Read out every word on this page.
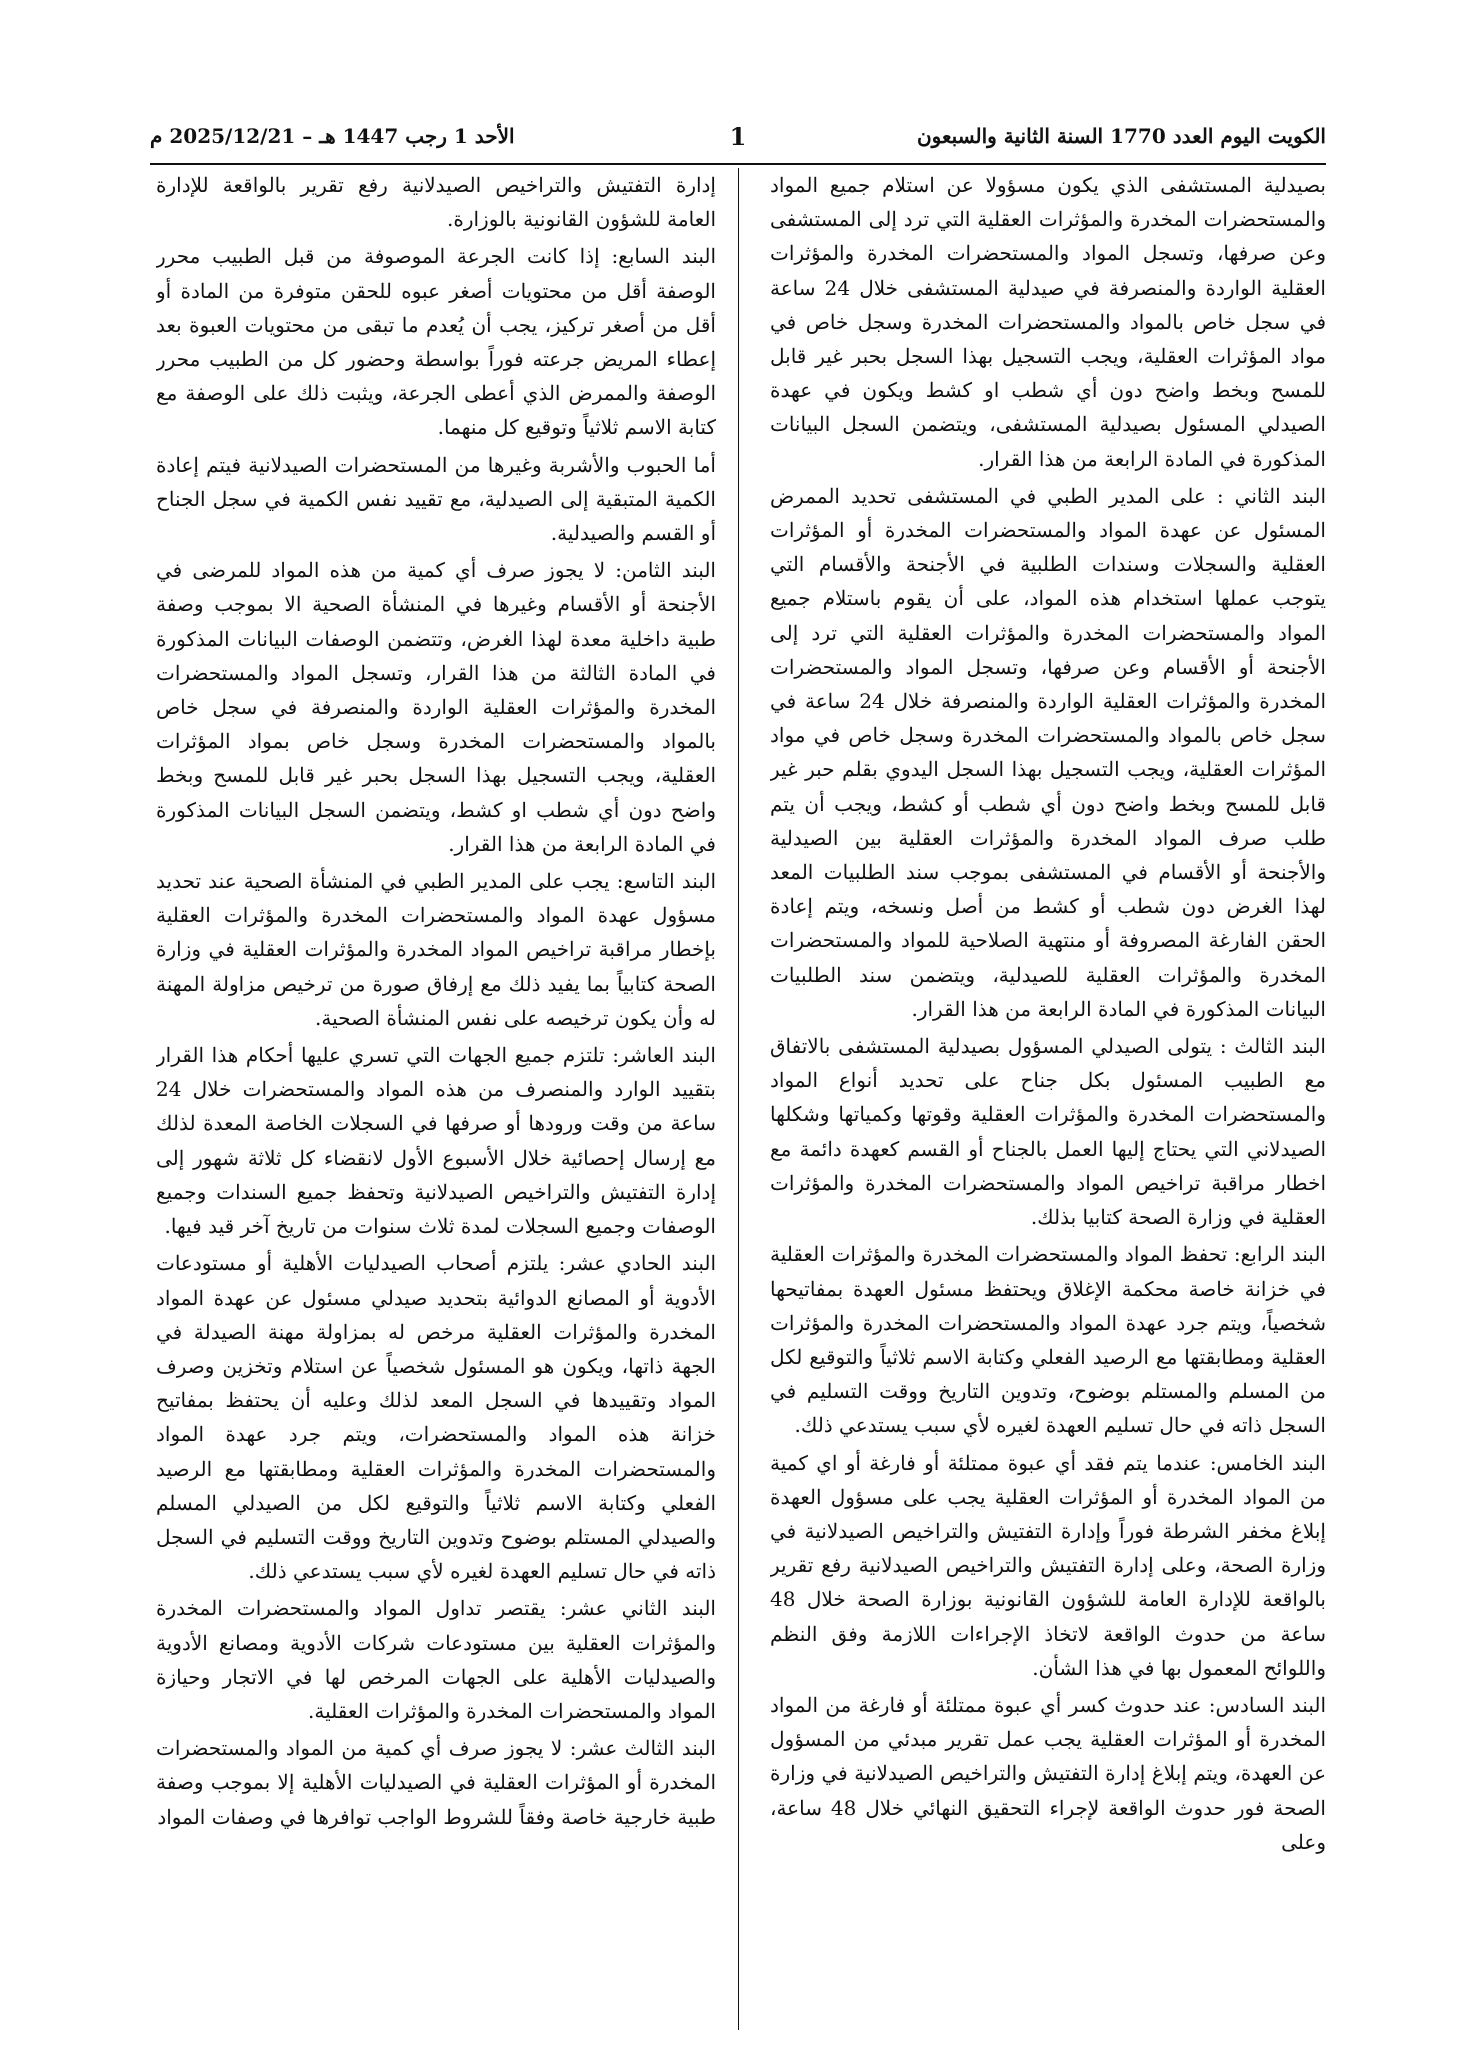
الكويت اليوم العدد 1770 السنة الثانية والسبعون
1
الأحد 1 رجب 1447 هـ – 2025/12/21 م

بصيدلية المستشفى الذي يكون مسؤولا عن استلام جميع المواد والمستحضرات المخدرة والمؤثرات العقلية التي ترد إلى المستشفى وعن صرفها، وتسجل المواد والمستحضرات المخدرة والمؤثرات العقلية الواردة والمنصرفة في صيدلية المستشفى خلال 24 ساعة في سجل خاص بالمواد والمستحضرات المخدرة وسجل خاص في مواد المؤثرات العقلية، ويجب التسجيل بهذا السجل بحبر غير قابل للمسح وبخط واضح دون أي شطب او كشط ويكون في عهدة الصيدلي المسئول بصيدلية المستشفى، ويتضمن السجل البيانات المذكورة في المادة الرابعة من هذا القرار.

البند الثاني : على المدير الطبي في المستشفى تحديد الممرض المسئول عن عهدة المواد والمستحضرات المخدرة أو المؤثرات العقلية والسجلات وسندات الطلبية في الأجنحة والأقسام التي يتوجب عملها استخدام هذه المواد، على أن يقوم باستلام جميع المواد والمستحضرات المخدرة والمؤثرات العقلية التي ترد إلى الأجنحة أو الأقسام وعن صرفها، وتسجل المواد والمستحضرات المخدرة والمؤثرات العقلية الواردة والمنصرفة خلال 24 ساعة في سجل خاص بالمواد والمستحضرات المخدرة وسجل خاص في مواد المؤثرات العقلية، ويجب التسجيل بهذا السجل اليدوي بقلم حبر غير قابل للمسح وبخط واضح دون أي شطب أو كشط، ويجب أن يتم طلب صرف المواد المخدرة والمؤثرات العقلية بين الصيدلية والأجنحة أو الأقسام في المستشفى بموجب سند الطلبيات المعد لهذا الغرض دون شطب أو كشط من أصل ونسخه، ويتم إعادة الحقن الفارغة المصروفة أو منتهية الصلاحية للمواد والمستحضرات المخدرة والمؤثرات العقلية للصيدلية، ويتضمن سند الطلبيات البيانات المذكورة في المادة الرابعة من هذا القرار.

البند الثالث : يتولى الصيدلي المسؤول بصيدلية المستشفى بالاتفاق مع الطبيب المسئول بكل جناح على تحديد أنواع المواد والمستحضرات المخدرة والمؤثرات العقلية وقوتها وكمياتها وشكلها الصيدلاني التي يحتاج إليها العمل بالجناح أو القسم كعهدة دائمة مع اخطار مراقبة تراخيص المواد والمستحضرات المخدرة والمؤثرات العقلية في وزارة الصحة كتابيا بذلك.

البند الرابع: تحفظ المواد والمستحضرات المخدرة والمؤثرات العقلية في خزانة خاصة محكمة الإغلاق ويحتفظ مسئول العهدة بمفاتيحها شخصياً، ويتم جرد عهدة المواد والمستحضرات المخدرة والمؤثرات العقلية ومطابقتها مع الرصيد الفعلي وكتابة الاسم ثلاثياً والتوقيع لكل من المسلم والمستلم بوضوح، وتدوين التاريخ ووقت التسليم في السجل ذاته في حال تسليم العهدة لغيره لأي سبب يستدعي ذلك.

البند الخامس: عندما يتم فقد أي عبوة ممتلئة أو فارغة أو اي كمية من المواد المخدرة أو المؤثرات العقلية يجب على مسؤول العهدة إبلاغ مخفر الشرطة فوراً وإدارة التفتيش والتراخيص الصيدلانية في وزارة الصحة، وعلى إدارة التفتيش والتراخيص الصيدلانية رفع تقرير بالواقعة للإدارة العامة للشؤون القانونية بوزارة الصحة خلال 48 ساعة من حدوث الواقعة لاتخاذ الإجراءات اللازمة وفق النظم واللوائح المعمول بها في هذا الشأن.

البند السادس: عند حدوث كسر أي عبوة ممتلئة أو فارغة من المواد المخدرة أو المؤثرات العقلية يجب عمل تقرير مبدئي من المسؤول عن العهدة، ويتم إبلاغ إدارة التفتيش والتراخيص الصيدلانية في وزارة الصحة فور حدوث الواقعة لإجراء التحقيق النهائي خلال 48 ساعة، وعلى

إدارة التفتيش والتراخيص الصيدلانية رفع تقرير بالواقعة للإدارة العامة للشؤون القانونية بالوزارة.

البند السابع: إذا كانت الجرعة الموصوفة من قبل الطبيب محرر الوصفة أقل من محتويات أصغر عبوه للحقن متوفرة من المادة أو أقل من أصغر تركيز، يجب أن يُعدم ما تبقى من محتويات العبوة بعد إعطاء المريض جرعته فوراً بواسطة وحضور كل من الطبيب محرر الوصفة والممرض الذي أعطى الجرعة، ويثبت ذلك على الوصفة مع كتابة الاسم ثلاثياً وتوقيع كل منهما.

أما الحبوب والأشربة وغيرها من المستحضرات الصيدلانية فيتم إعادة الكمية المتبقية إلى الصيدلية، مع تقييد نفس الكمية في سجل الجناح أو القسم والصيدلية.

البند الثامن: لا يجوز صرف أي كمية من هذه المواد للمرضى في الأجنحة أو الأقسام وغيرها في المنشأة الصحية الا بموجب وصفة طبية داخلية معدة لهذا الغرض، وتتضمن الوصفات البيانات المذكورة في المادة الثالثة من هذا القرار، وتسجل المواد والمستحضرات المخدرة والمؤثرات العقلية الواردة والمنصرفة في سجل خاص بالمواد والمستحضرات المخدرة وسجل خاص بمواد المؤثرات العقلية، ويجب التسجيل بهذا السجل بحبر غير قابل للمسح وبخط واضح دون أي شطب او كشط، ويتضمن السجل البيانات المذكورة في المادة الرابعة من هذا القرار.

البند التاسع: يجب على المدير الطبي في المنشأة الصحية عند تحديد مسؤول عهدة المواد والمستحضرات المخدرة والمؤثرات العقلية بإخطار مراقبة تراخيص المواد المخدرة والمؤثرات العقلية في وزارة الصحة كتابياً بما يفيد ذلك مع إرفاق صورة من ترخيص مزاولة المهنة له وأن يكون ترخيصه على نفس المنشأة الصحية.

البند العاشر: تلتزم جميع الجهات التي تسري عليها أحكام هذا القرار بتقييد الوارد والمنصرف من هذه المواد والمستحضرات خلال 24 ساعة من وقت ورودها أو صرفها في السجلات الخاصة المعدة لذلك مع إرسال إحصائية خلال الأسبوع الأول لانقضاء كل ثلاثة شهور إلى إدارة التفتيش والتراخيص الصيدلانية وتحفظ جميع السندات وجميع الوصفات وجميع السجلات لمدة ثلاث سنوات من تاريخ آخر قيد فيها.

البند الحادي عشر: يلتزم أصحاب الصيدليات الأهلية أو مستودعات الأدوية أو المصانع الدوائية بتحديد صيدلي مسئول عن عهدة المواد المخدرة والمؤثرات العقلية مرخص له بمزاولة مهنة الصيدلة في الجهة ذاتها، ويكون هو المسئول شخصياً عن استلام وتخزين وصرف المواد وتقييدها في السجل المعد لذلك وعليه أن يحتفظ بمفاتيح خزانة هذه المواد والمستحضرات، ويتم جرد عهدة المواد والمستحضرات المخدرة والمؤثرات العقلية ومطابقتها مع الرصيد الفعلي وكتابة الاسم ثلاثياً والتوقيع لكل من الصيدلي المسلم والصيدلي المستلم بوضوح وتدوين التاريخ ووقت التسليم في السجل ذاته في حال تسليم العهدة لغيره لأي سبب يستدعي ذلك.

البند الثاني عشر: يقتصر تداول المواد والمستحضرات المخدرة والمؤثرات العقلية بين مستودعات شركات الأدوية ومصانع الأدوية والصيدليات الأهلية على الجهات المرخص لها في الاتجار وحيازة المواد والمستحضرات المخدرة والمؤثرات العقلية.

البند الثالث عشر: لا يجوز صرف أي كمية من المواد والمستحضرات المخدرة أو المؤثرات العقلية في الصيدليات الأهلية إلا بموجب وصفة طبية خارجية خاصة وفقاً للشروط الواجب توافرها في وصفات المواد
